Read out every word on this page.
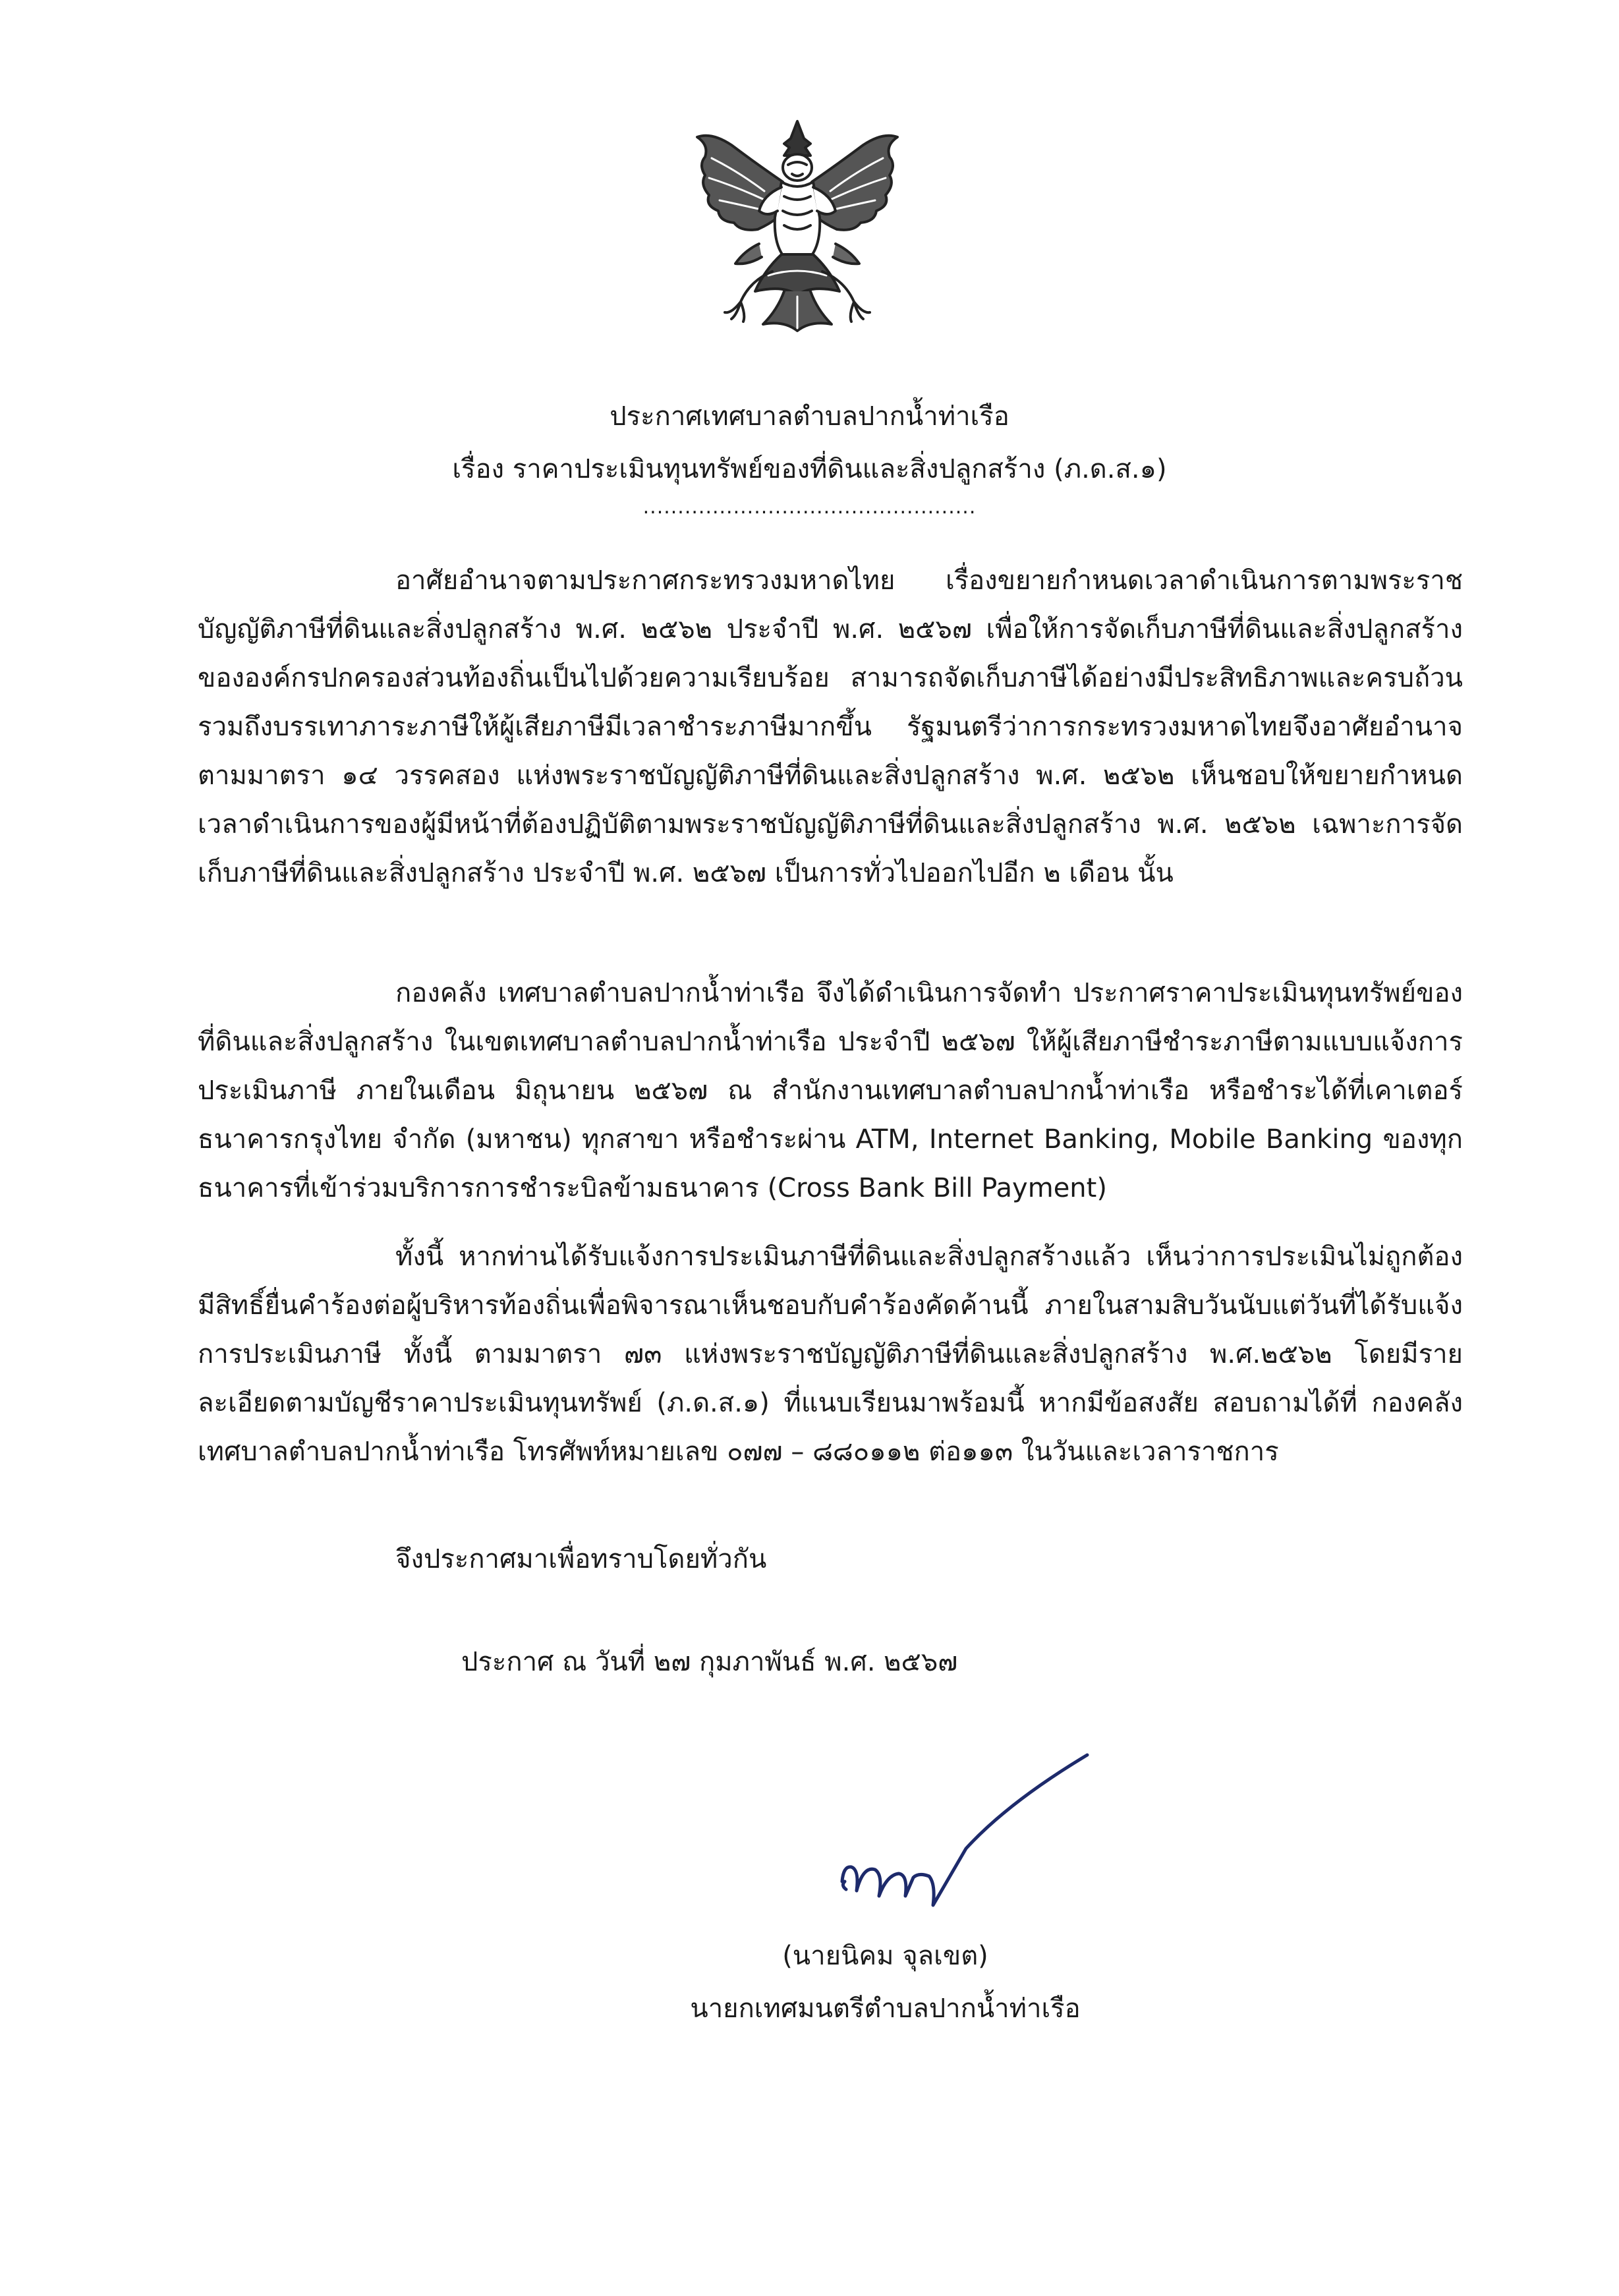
ประกาศเทศบาลตำบลปากน้ำท่าเรือ
เรื่อง ราคาประเมินทุนทรัพย์ของที่ดินและสิ่งปลูกสร้าง (ภ.ด.ส.๑)
................................................

อาศัยอำนาจตามประกาศกระทรวงมหาดไทย เรื่องขยายกำหนดเวลาดำเนินการตามพระราชบัญญัติภาษีที่ดินและสิ่งปลูกสร้าง พ.ศ. ๒๕๖๒ ประจำปี พ.ศ. ๒๕๖๗ เพื่อให้การจัดเก็บภาษีที่ดินและสิ่งปลูกสร้างขององค์กรปกครองส่วนท้องถิ่นเป็นไปด้วยความเรียบร้อย สามารถจัดเก็บภาษีได้อย่างมีประสิทธิภาพและครบถ้วน รวมถึงบรรเทาภาระภาษีให้ผู้เสียภาษีมีเวลาชำระภาษีมากขึ้น รัฐมนตรีว่าการกระทรวงมหาดไทยจึงอาศัยอำนาจตามมาตรา ๑๔ วรรคสอง แห่งพระราชบัญญัติภาษีที่ดินและสิ่งปลูกสร้าง พ.ศ. ๒๕๖๒ เห็นชอบให้ขยายกำหนดเวลาดำเนินการของผู้มีหน้าที่ต้องปฏิบัติตามพระราชบัญญัติภาษีที่ดินและสิ่งปลูกสร้าง พ.ศ. ๒๕๖๒ เฉพาะการจัดเก็บภาษีที่ดินและสิ่งปลูกสร้าง ประจำปี พ.ศ. ๒๕๖๗ เป็นการทั่วไปออกไปอีก ๒ เดือน นั้น

กองคลัง เทศบาลตำบลปากน้ำท่าเรือ จึงได้ดำเนินการจัดทำ ประกาศราคาประเมินทุนทรัพย์ของที่ดินและสิ่งปลูกสร้าง ในเขตเทศบาลตำบลปากน้ำท่าเรือ ประจำปี ๒๕๖๗ ให้ผู้เสียภาษีชำระภาษีตามแบบแจ้งการประเมินภาษี ภายในเดือน มิถุนายน ๒๕๖๗ ณ สำนักงานเทศบาลตำบลปากน้ำท่าเรือ หรือชำระได้ที่เคาเตอร์ ธนาคารกรุงไทย จำกัด (มหาชน) ทุกสาขา หรือชำระผ่าน ATM, Internet Banking, Mobile Banking ของทุกธนาคารที่เข้าร่วมบริการการชำระบิลข้ามธนาคาร (Cross Bank Bill Payment)

ทั้งนี้ หากท่านได้รับแจ้งการประเมินภาษีที่ดินและสิ่งปลูกสร้างแล้ว เห็นว่าการประเมินไม่ถูกต้อง มีสิทธิ์ยื่นคำร้องต่อผู้บริหารท้องถิ่นเพื่อพิจารณาเห็นชอบกับคำร้องคัดค้านนี้ ภายในสามสิบวันนับแต่วันที่ได้รับแจ้งการประเมินภาษี ทั้งนี้ ตามมาตรา ๗๓ แห่งพระราชบัญญัติภาษีที่ดินและสิ่งปลูกสร้าง พ.ศ.๒๕๖๒ โดยมีรายละเอียดตามบัญชีราคาประเมินทุนทรัพย์ (ภ.ด.ส.๑) ที่แนบเรียนมาพร้อมนี้ หากมีข้อสงสัย สอบถามได้ที่ กองคลัง เทศบาลตำบลปากน้ำท่าเรือ โทรศัพท์หมายเลข ๐๗๗ – ๘๘๐๑๑๒ ต่อ๑๑๓ ในวันและเวลาราชการ

จึงประกาศมาเพื่อทราบโดยทั่วกัน
ประกาศ ณ วันที่ ๒๗ กุมภาพันธ์ พ.ศ. ๒๕๖๗
(นายนิคม จุลเขต)
นายกเทศมนตรีตำบลปากน้ำท่าเรือ
